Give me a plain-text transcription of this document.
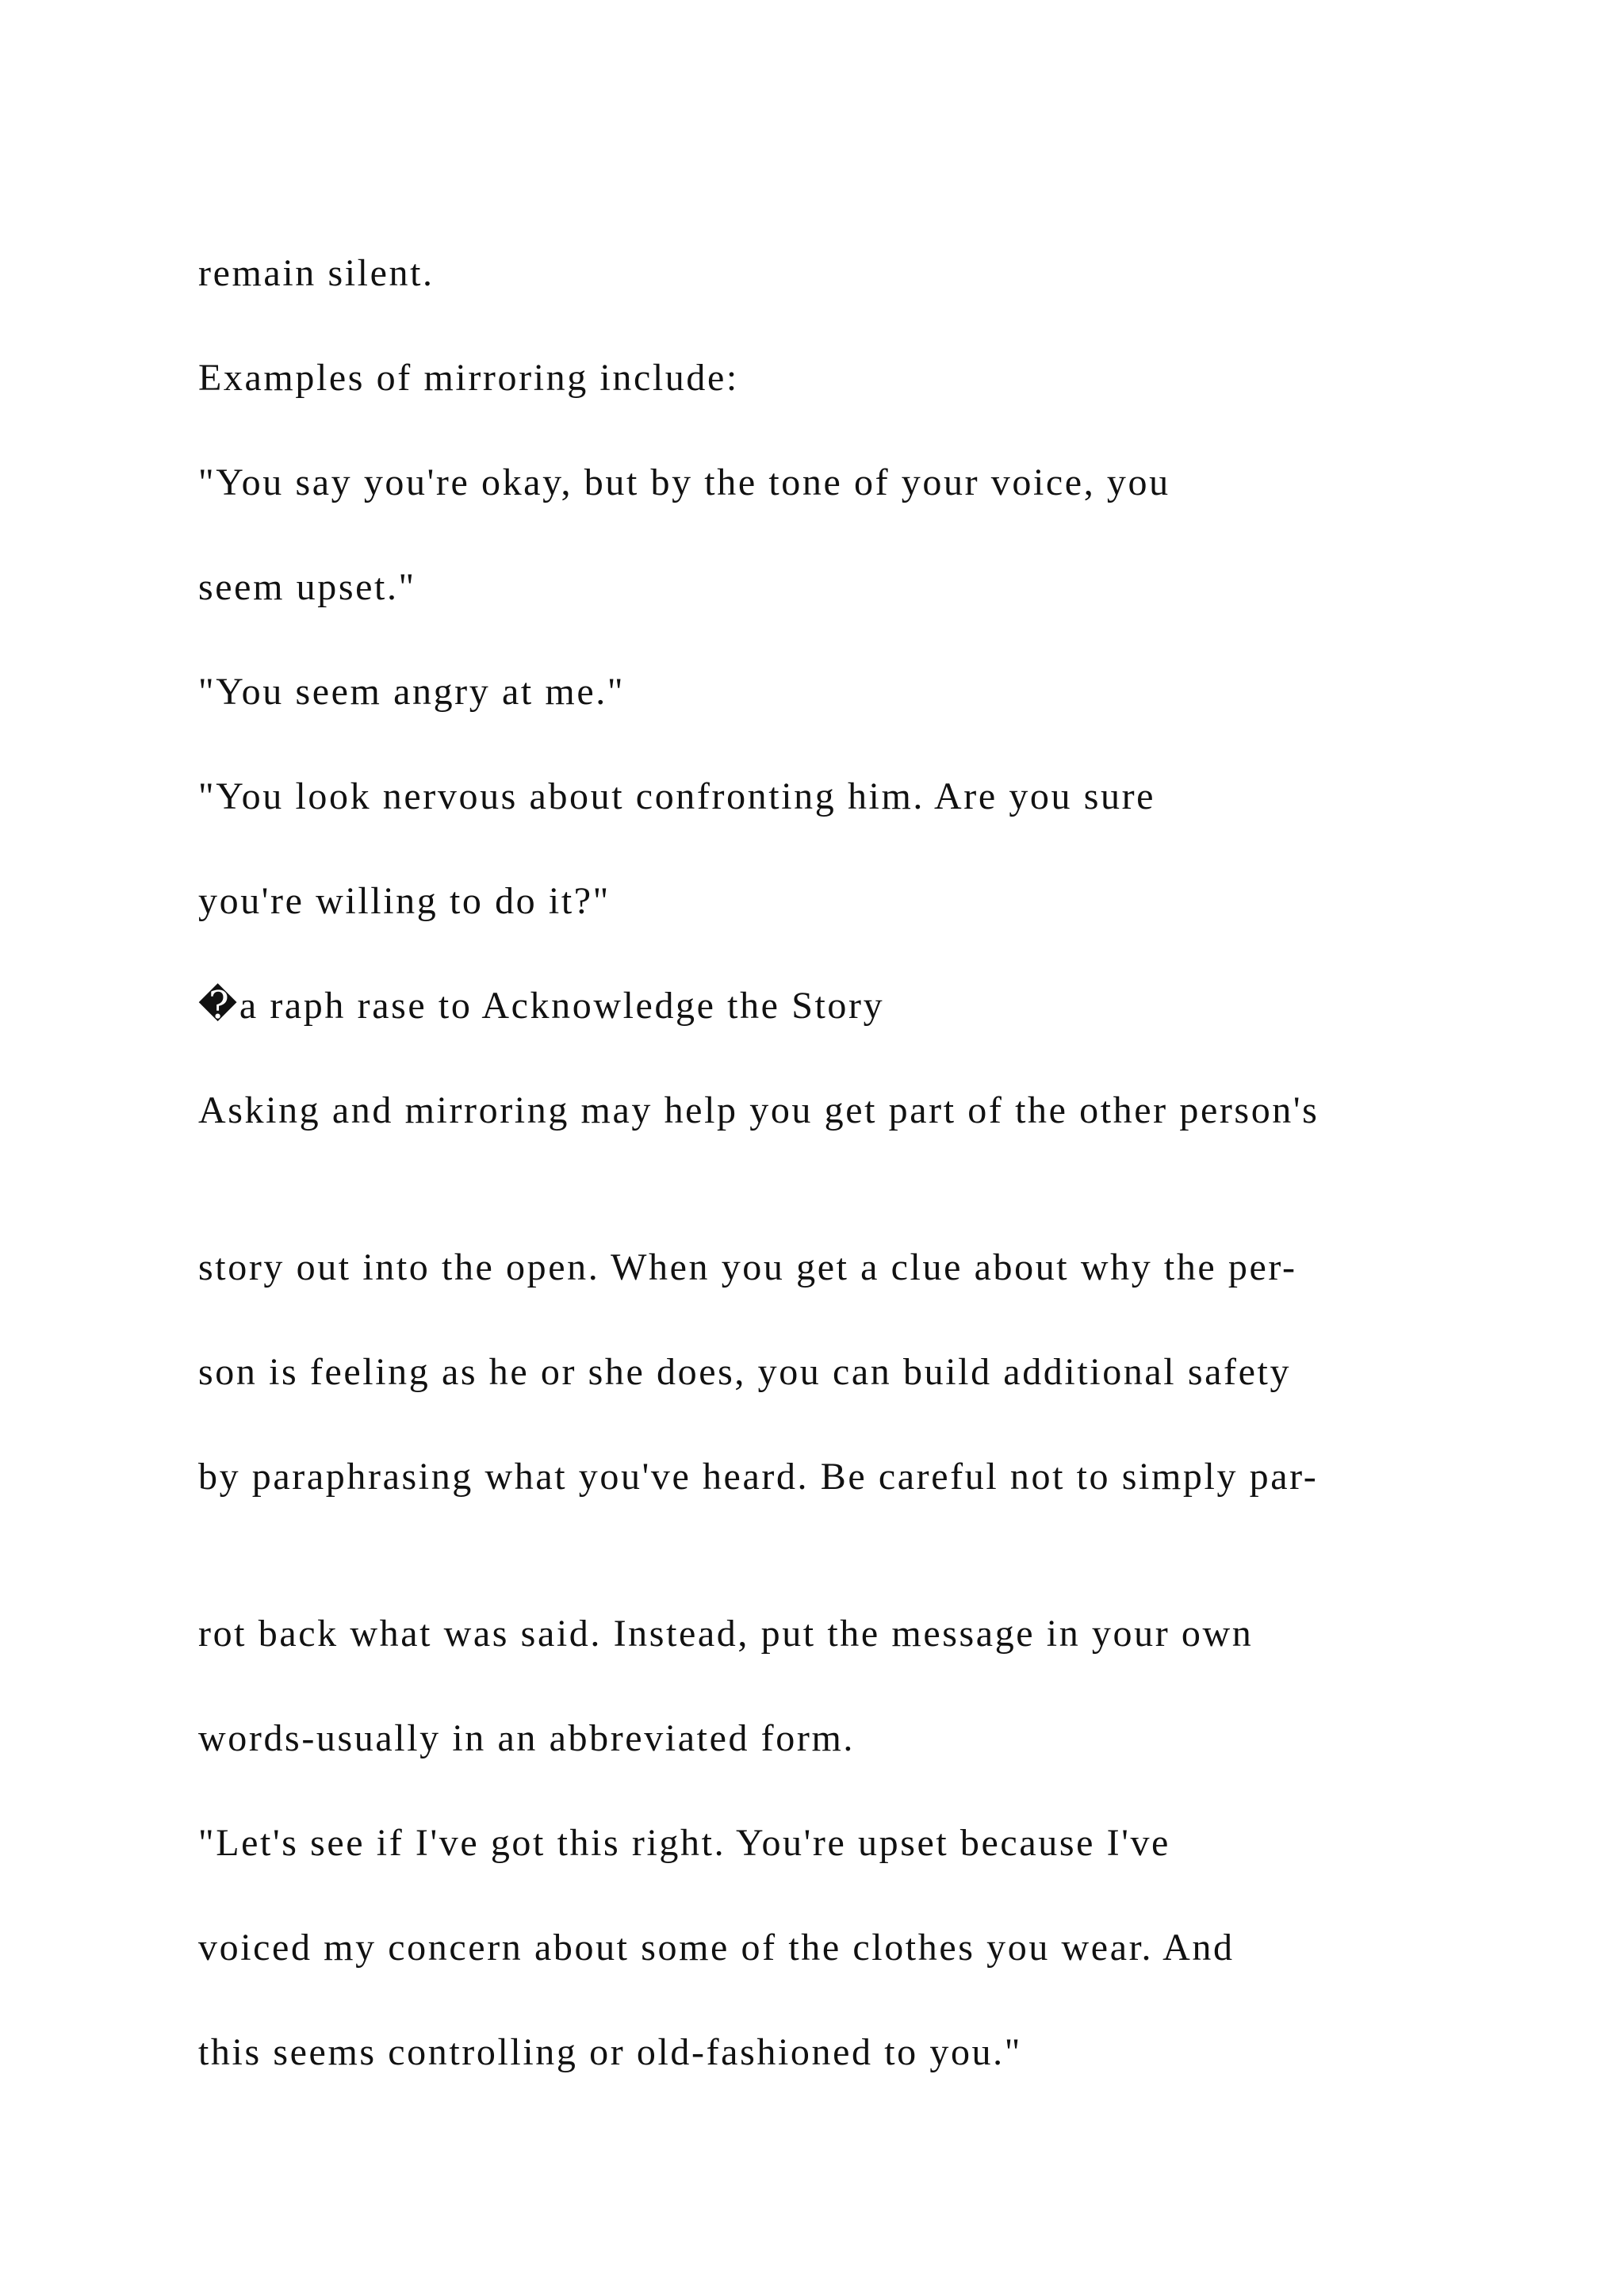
remain silent.

Examples of mirroring include:

"You say you're okay, but by the tone of your voice, you

seem upset."

"You seem angry at me."

"You look nervous about confronting him. Are you sure

you're willing to do it?"

�a raph rase to Acknowledge the Story

Asking and mirroring may help you get part of the other person's

story out into the open. When you get a clue about why the per-

son is feeling as he or she does, you can build additional safety

by paraphrasing what you've heard. Be careful not to simply par-

rot back what was said. Instead, put the message in your own

words-usually in an abbreviated form.

"Let's see if I've got this right. You're upset because I've

voiced my concern about some of the clothes you wear. And

this seems controlling or old-fashioned to you."
